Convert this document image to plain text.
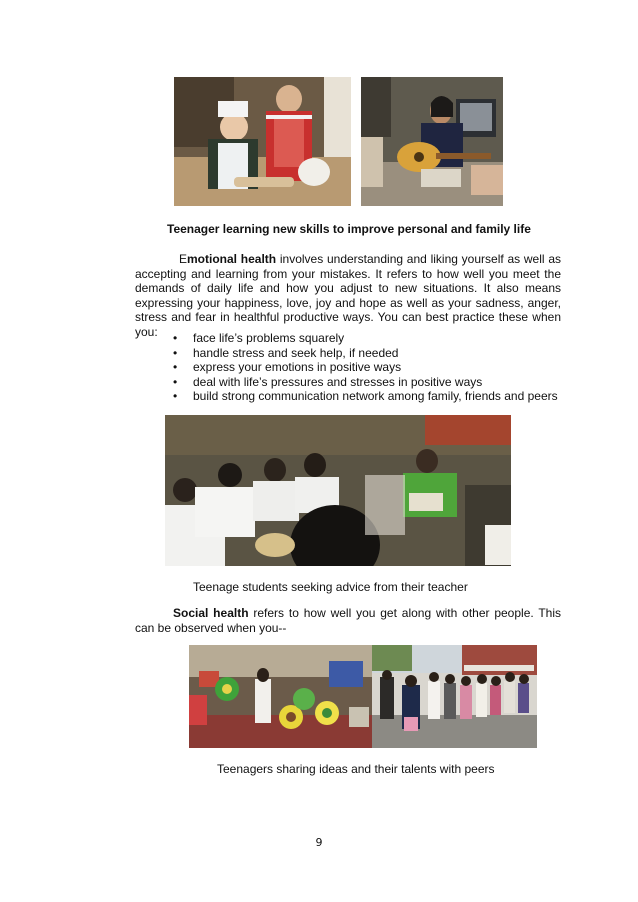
Teenager learning new skills to improve personal and family life
Emotional health involves understanding and liking yourself as well as accepting and learning from your mistakes. It refers to how well you meet the demands of daily life and how you adjust to new situations. It also means expressing your happiness, love, joy and hope as well as your sadness, anger, stress and fear in healthful productive ways. You can best practice these when you:	• face life’s problems squarely
• handle stress and seek help, if needed
• express your emotions in positive ways
• deal with life’s pressures and stresses in positive ways
• build strong communication network among family, friends and peers
Teenage students seeking advice from their teacher
Social health refers to how well you get along with other people. This can be observed when you--
Teenagers sharing ideas and their talents with peers
9
